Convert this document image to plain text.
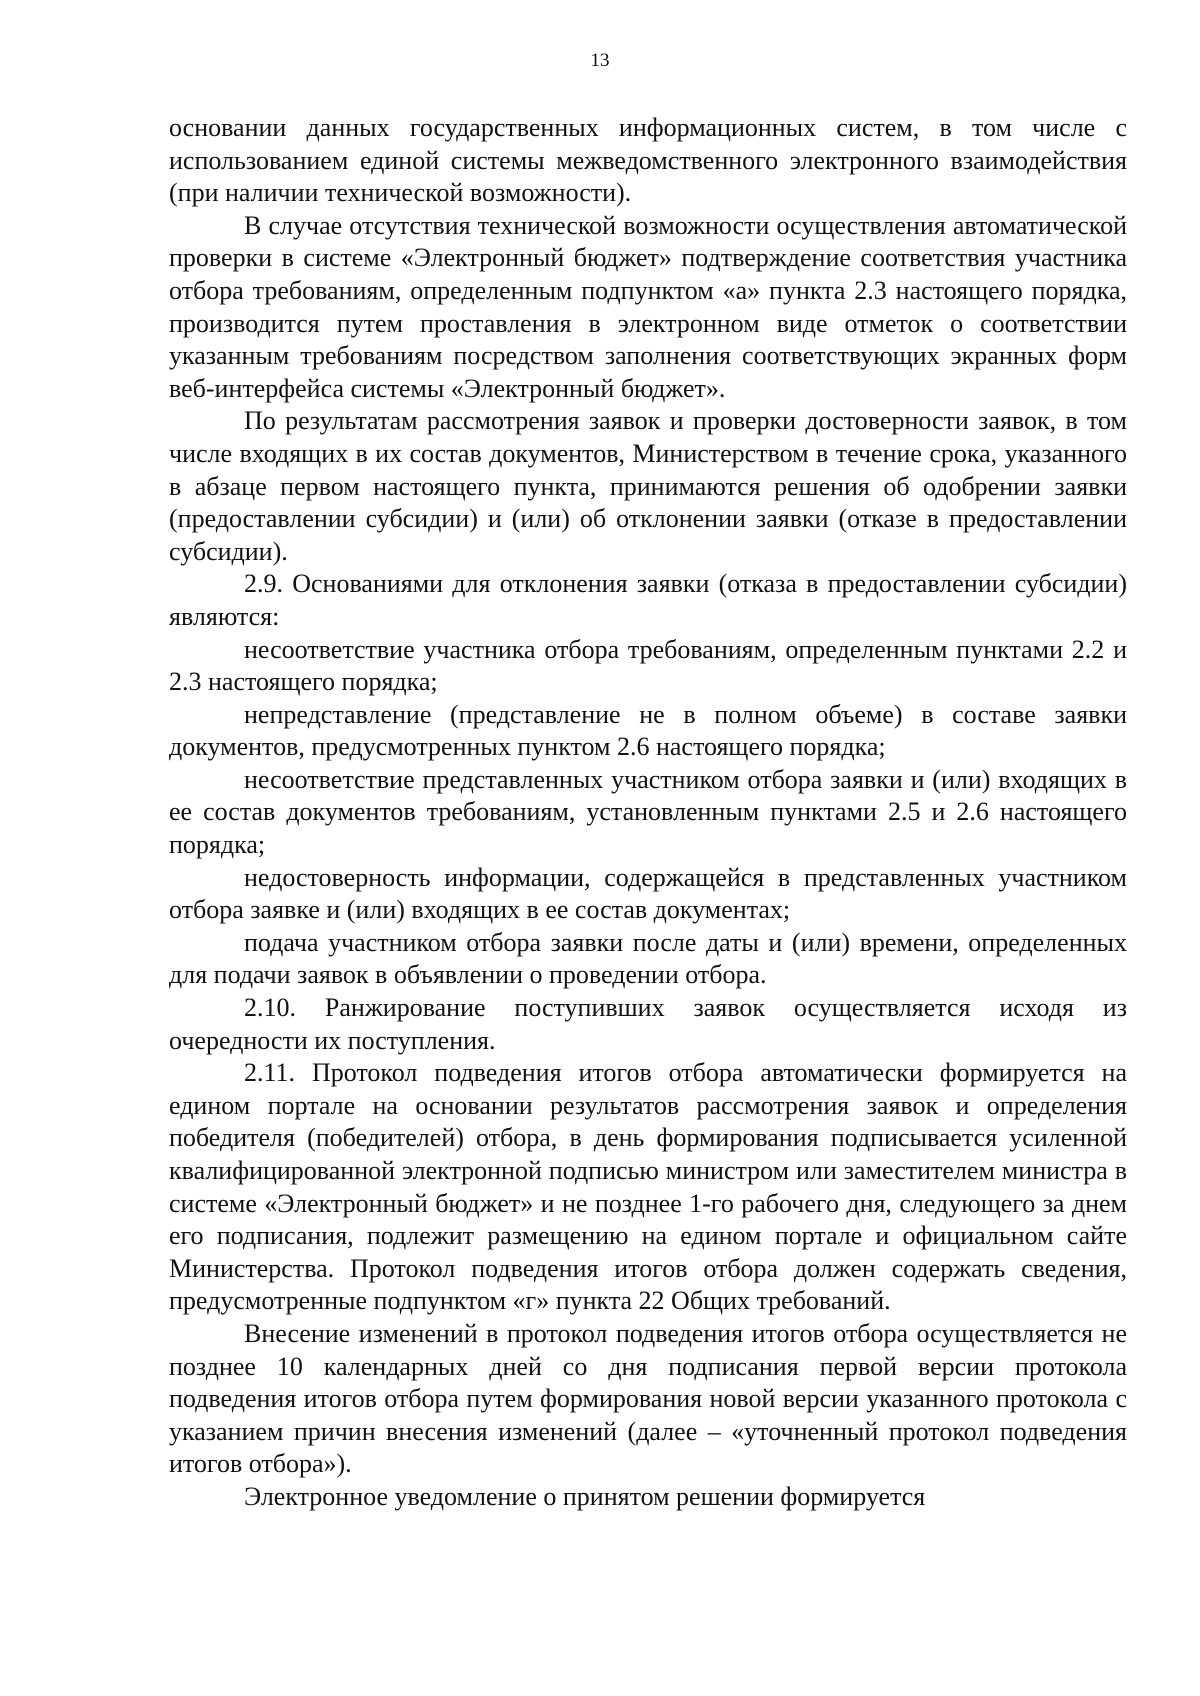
13

основании данных государственных информационных систем, в том числе с использованием единой системы межведомственного электронного взаимодействия (при наличии технической возможности).

В случае отсутствия технической возможности осуществления автоматической проверки в системе «Электронный бюджет» подтверждение соответствия участника отбора требованиям, определенным подпунктом «а» пункта 2.3 настоящего порядка, производится путем проставления в электронном виде отметок о соответствии указанным требованиям посредством заполнения соответствующих экранных форм веб-интерфейса системы «Электронный бюджет».

По результатам рассмотрения заявок и проверки достоверности заявок, в том числе входящих в их состав документов, Министерством в течение срока, указанного в абзаце первом настоящего пункта, принимаются решения об одобрении заявки (предоставлении субсидии) и (или) об отклонении заявки (отказе в предоставлении субсидии).

2.9. Основаниями для отклонения заявки (отказа в предоставлении субсидии) являются:

несоответствие участника отбора требованиям, определенным пунктами 2.2 и 2.3 настоящего порядка;

непредставление (представление не в полном объеме) в составе заявки документов, предусмотренных пунктом 2.6 настоящего порядка;

несоответствие представленных участником отбора заявки и (или) входящих в ее состав документов требованиям, установленным пунктами 2.5 и 2.6 настоящего порядка;

недостоверность информации, содержащейся в представленных участником отбора заявке и (или) входящих в ее состав документах;

подача участником отбора заявки после даты и (или) времени, определенных для подачи заявок в объявлении о проведении отбора.

2.10. Ранжирование поступивших заявок осуществляется исходя из очередности их поступления.

2.11. Протокол подведения итогов отбора автоматически формируется на едином портале на основании результатов рассмотрения заявок и определения победителя (победителей) отбора, в день формирования подписывается усиленной квалифицированной электронной подписью министром или заместителем министра в системе «Электронный бюджет» и не позднее 1-го рабочего дня, следующего за днем его подписания, подлежит размещению на едином портале и официальном сайте Министерства. Протокол подведения итогов отбора должен содержать сведения, предусмотренные подпунктом «г» пункта 22 Общих требований.

Внесение изменений в протокол подведения итогов отбора осуществляется не позднее 10 календарных дней со дня подписания первой версии протокола подведения итогов отбора путем формирования новой версии указанного протокола с указанием причин внесения изменений (далее – «уточненный протокол подведения итогов отбора»).

Электронное уведомление о принятом решении формируется
